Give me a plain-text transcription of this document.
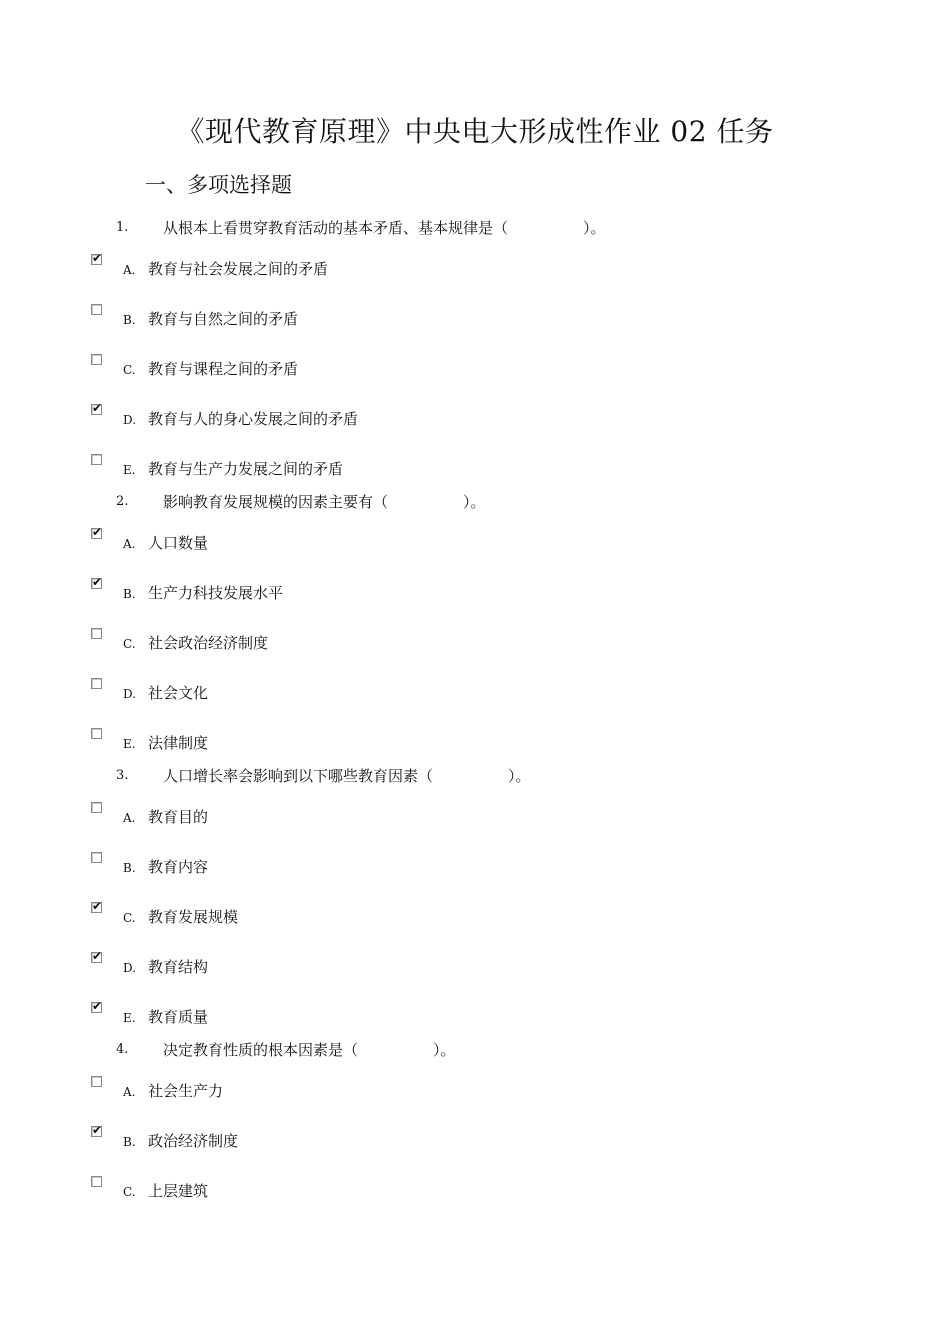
《现代教育原理》中央电大形成性作业 02 任务
一、多项选择题
1. 从根本上看贯穿教育活动的基本矛盾、基本规律是（　　　　　）。
✔
A. 教育与社会发展之间的矛盾
B. 教育与自然之间的矛盾
C. 教育与课程之间的矛盾
✔
D. 教育与人的身心发展之间的矛盾
E. 教育与生产力发展之间的矛盾
2. 影响教育发展规模的因素主要有（　　　　　）。
✔
A. 人口数量
✔
B. 生产力科技发展水平
C. 社会政治经济制度
D. 社会文化
E. 法律制度
3. 人口增长率会影响到以下哪些教育因素（　　　　　）。
A. 教育目的
B. 教育内容
✔
C. 教育发展规模
✔
D. 教育结构
✔
E. 教育质量
4. 决定教育性质的根本因素是（　　　　　）。
A. 社会生产力
✔
B. 政治经济制度
C. 上层建筑
